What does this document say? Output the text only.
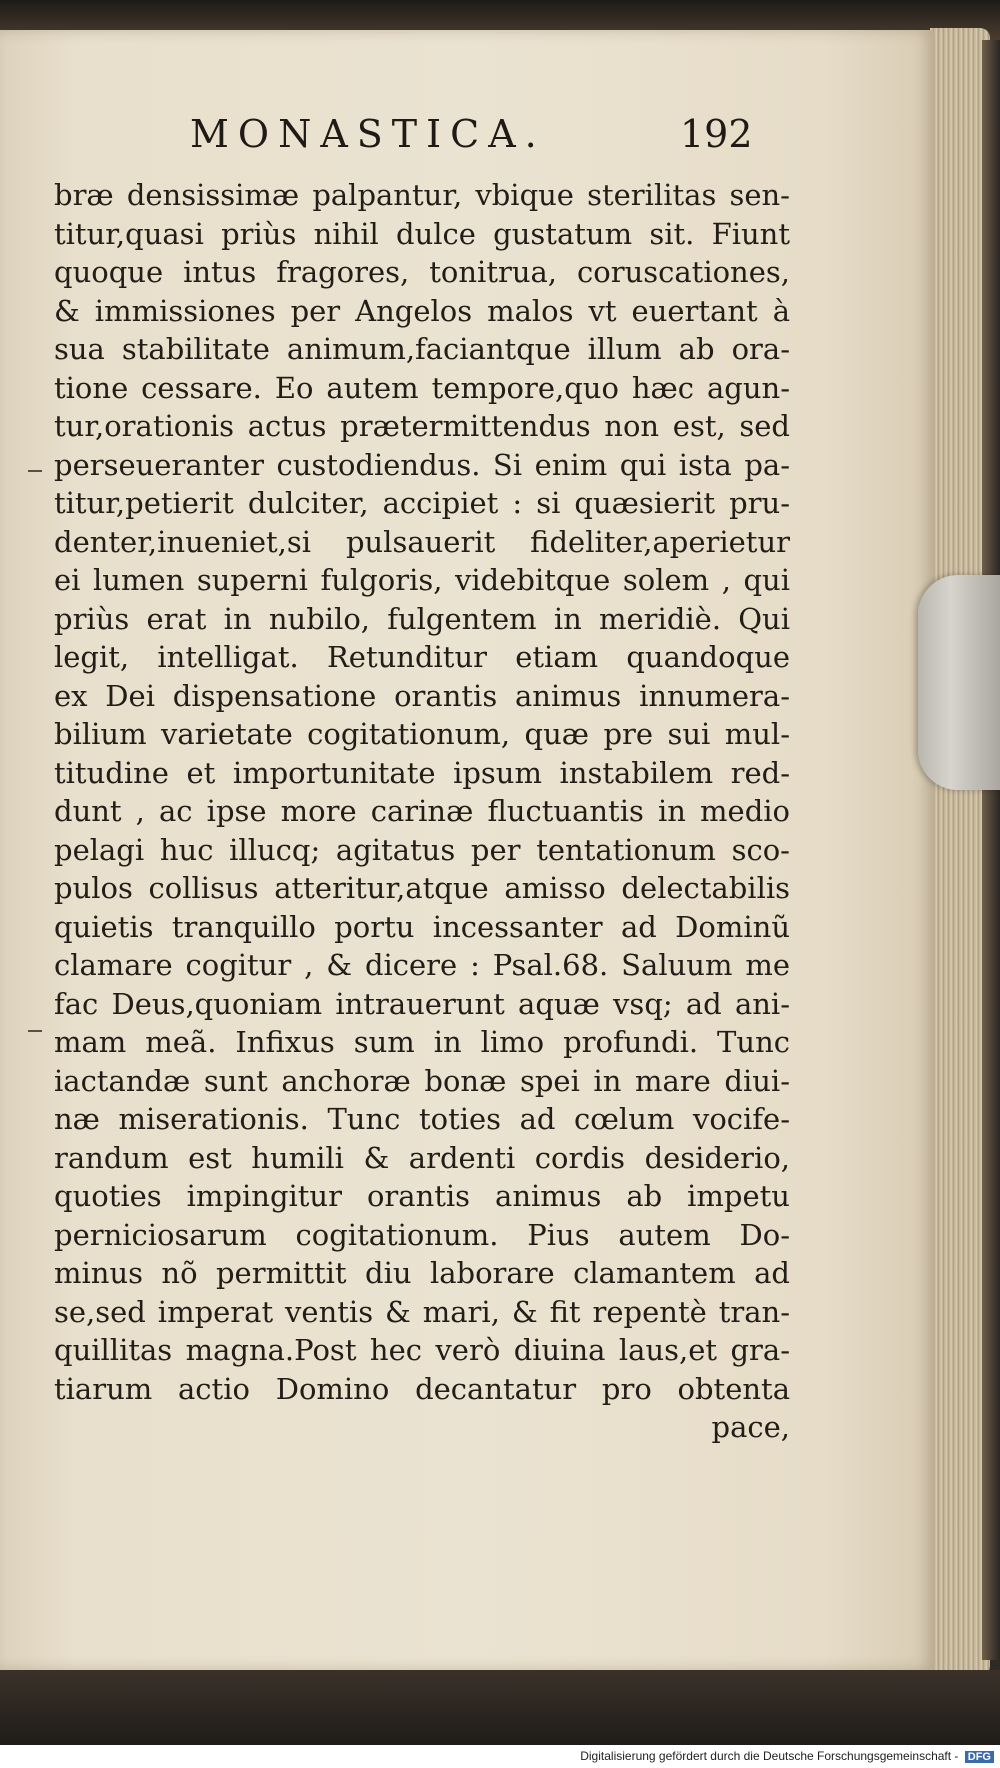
MONASTICA.	192
bræ densissimæ palpantur, vbique sterilitas sen-
titur,quasi priùs nihil dulce gustatum sit. Fiunt
quoque intus fragores, tonitrua, coruscationes,
& immissiones per Angelos malos vt euertant à
sua stabilitate animum,faciantque illum ab ora-
tione cessare. Eo autem tempore,quo hæc agun-
tur,orationis actus prætermittendus non est, sed
perseueranter custodiendus. Si enim qui ista pa-
titur,petierit dulciter, accipiet : si quæsierit pru-
denter,inueniet,si pulsauerit fideliter,aperietur
ei lumen superni fulgoris, videbitque solem , qui
priùs erat in nubilo, fulgentem in meridiè. Qui
legit, intelligat. Retunditur etiam quandoque
ex Dei dispensatione orantis animus innumera-
bilium varietate cogitationum, quæ pre sui mul-
titudine et importunitate ipsum instabilem red-
dunt , ac ipse more carinæ fluctuantis in medio
pelagi huc illucq; agitatus per tentationum sco-
pulos collisus atteritur,atque amisso delectabilis
quietis tranquillo portu incessanter ad Dominũ
clamare cogitur , & dicere : Psal.68. Saluum me
fac Deus,quoniam intrauerunt aquæ vsq; ad ani-
mam meã. Infixus sum in limo profundi. Tunc
iactandæ sunt anchoræ bonæ spei in mare diui-
næ miserationis. Tunc toties ad cœlum vocife-
randum est humili & ardenti cordis desiderio,
quoties impingitur orantis animus ab impetu
perniciosarum cogitationum. Pius autem Do-
minus nõ permittit diu laborare clamantem ad
se,sed imperat ventis & mari, & fit repentè tran-
quillitas magna.Post hec verò diuina laus,et gra-
tiarum actio Domino decantatur pro obtenta
pace,
Digitalisierung gefördert durch die Deutsche Forschungsgemeinschaft - DFG
